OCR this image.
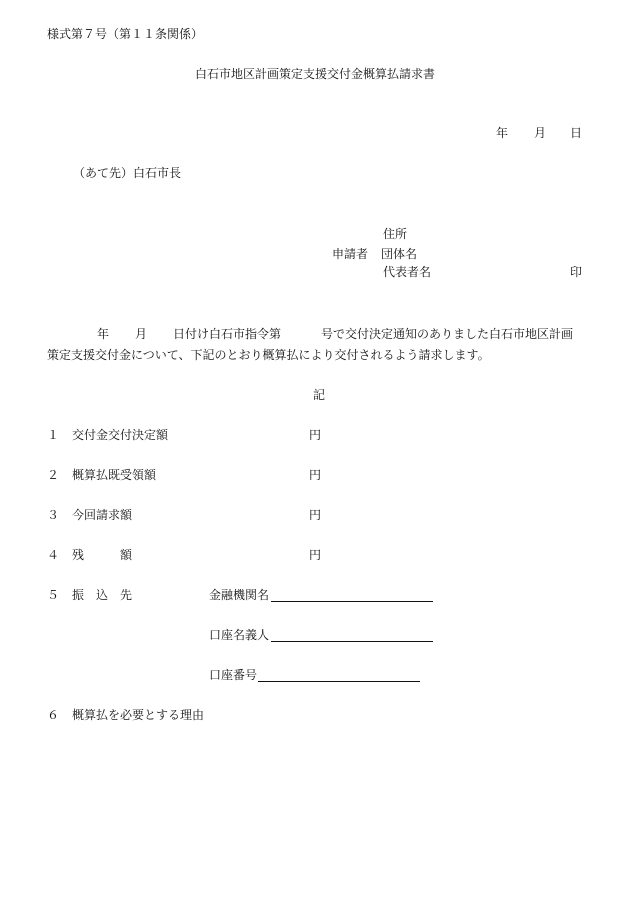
様式第７号（第１１条関係）
白石市地区計画策定支援交付金概算払請求書
年 月 日
（あて先）白石市長
住所
申請者 団体名
代表者名	印
年 月 日付け白石市指令第	号で交付決定通知のありました白石市地区計画
策定支援交付金について、下記のとおり概算払により交付されるよう請求します。
記
１ 交付金交付決定額	円
２ 概算払既受領額	円
３ 今回請求額	円
４ 残　　　額	円
５ 振　込　先	金融機関名
口座名義人
口座番号
６ 概算払を必要とする理由
